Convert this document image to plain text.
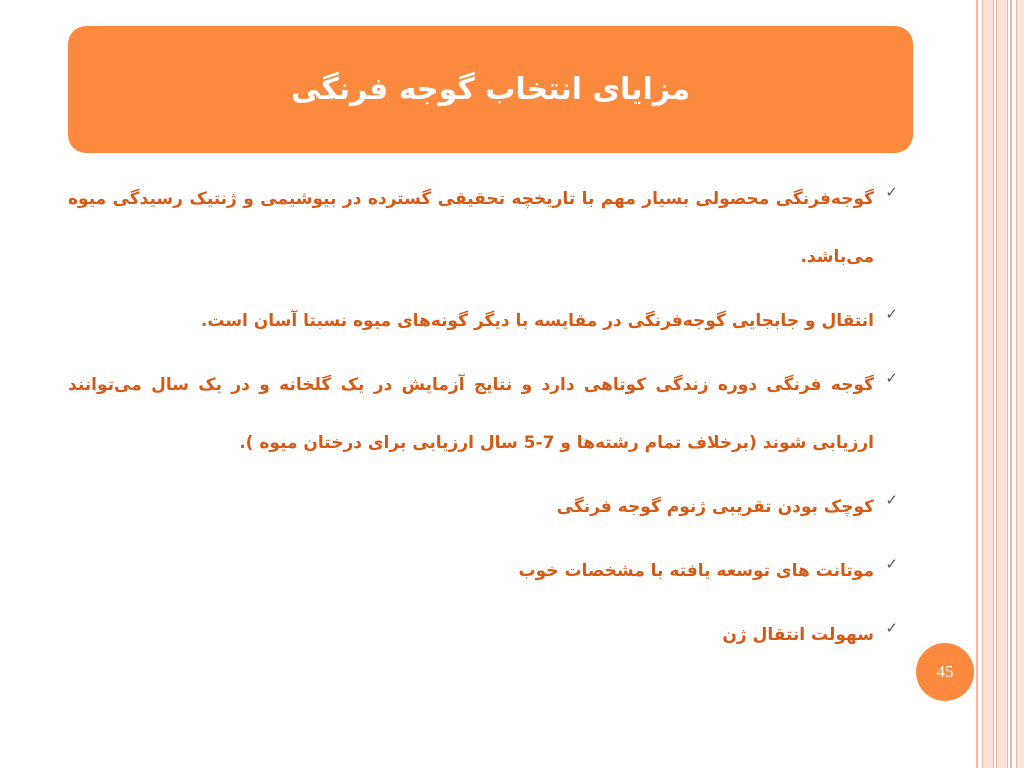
مزایای انتخاب گوجه فرنگی
✓
گوجه‌فرنگی محصولی بسیار مهم با تاریخچه تحقیقی گسترده در بیوشیمی و ژنتیک رسیدگی میوه می‌باشد.
✓
انتقال و جابجایی گوجه‌فرنگی در مقایسه با دیگر گونه‌های میوه نسبتا آسان است.
✓
گوجه فرنگی دوره زندگی کوتاهی دارد و نتایج آزمایش در یک گلخانه و در یک سال می‌توانند ارزیابی شوند (برخلاف تمام رشته‌ها و 7-5 سال ارزیابی برای درختان میوه ).
✓
کوچک بودن تقریبی ژنوم گوجه فرنگی
✓
موتانت های توسعه یافته با مشخصات خوب
✓
سهولت انتقال ژن
45
